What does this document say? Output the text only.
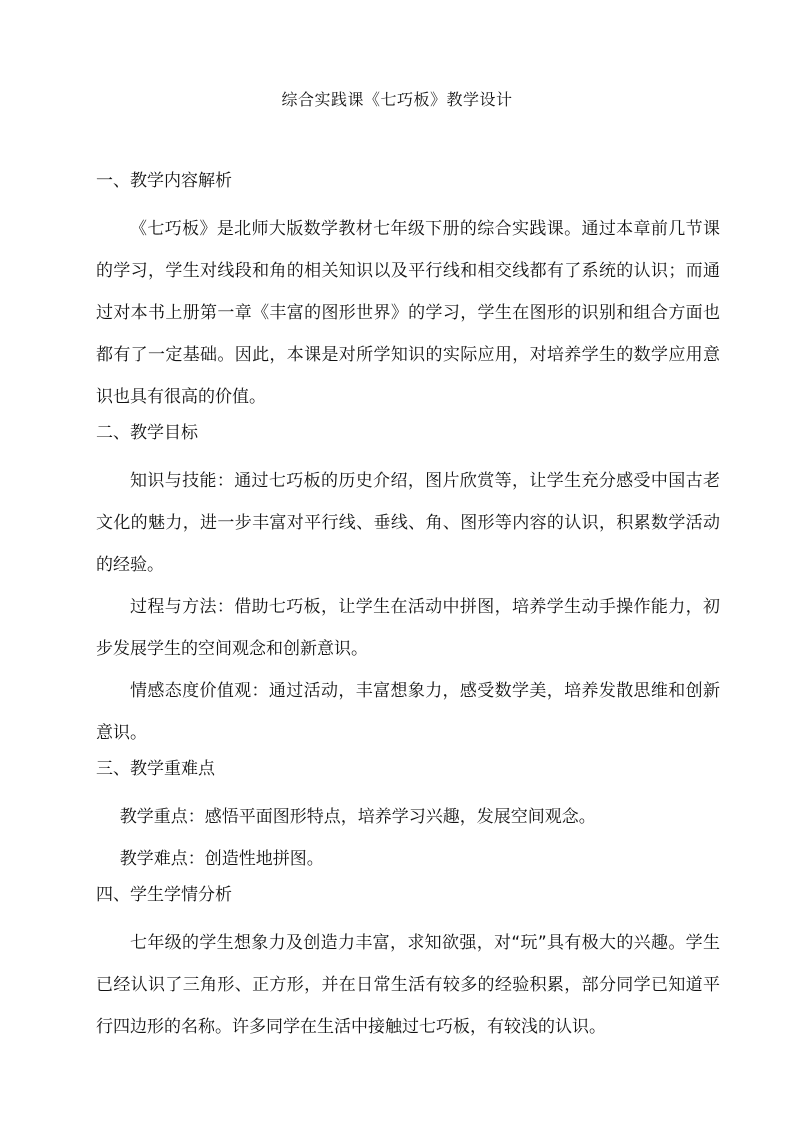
综合实践课《七巧板》教学设计
一、教学内容解析

《七巧板》是北师大版数学教材七年级下册的综合实践课。通过本章前几节课的学习，学生对线段和角的相关知识以及平行线和相交线都有了系统的认识；而通过对本书上册第一章《丰富的图形世界》的学习，学生在图形的识别和组合方面也都有了一定基础。因此，本课是对所学知识的实际应用，对培养学生的数学应用意识也具有很高的价值。

二、教学目标

知识与技能：通过七巧板的历史介绍，图片欣赏等，让学生充分感受中国古老文化的魅力，进一步丰富对平行线、垂线、角、图形等内容的认识，积累数学活动的经验。

过程与方法：借助七巧板，让学生在活动中拼图，培养学生动手操作能力，初步发展学生的空间观念和创新意识。

情感态度价值观：通过活动，丰富想象力，感受数学美，培养发散思维和创新意识。

三、教学重难点

教学重点：感悟平面图形特点，培养学习兴趣，发展空间观念。

教学难点：创造性地拼图。

四、学生学情分析

七年级的学生想象力及创造力丰富，求知欲强，对“玩”具有极大的兴趣。学生已经认识了三角形、正方形，并在日常生活有较多的经验积累，部分同学已知道平行四边形的名称。许多同学在生活中接触过七巧板，有较浅的认识。
